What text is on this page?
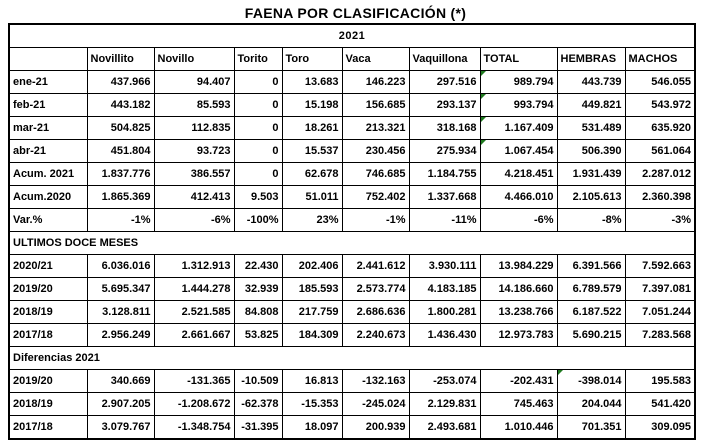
FAENA POR CLASIFICACIÓN (*)
2021									
	Novillito	Novillo	Torito	Toro	Vaca	Vaquillona	TOTAL	HEMBRAS	MACHOS
ene-21	437.966	94.407	0	13.683	146.223	297.516	989.794	443.739	546.055
feb-21	443.182	85.593	0	15.198	156.685	293.137	993.794	449.821	543.972
mar-21	504.825	112.835	0	18.261	213.321	318.168	1.167.409	531.489	635.920
abr-21	451.804	93.723	0	15.537	230.456	275.934	1.067.454	506.390	561.064
Acum. 2021	1.837.776	386.557	0	62.678	746.685	1.184.755	4.218.451	1.931.439	2.287.012
Acum.2020	1.865.369	412.413	9.503	51.011	752.402	1.337.668	4.466.010	2.105.613	2.360.398
Var.%	-1%	-6%	-100%	23%	-1%	-11%	-6%	-8%	-3%
ULTIMOS DOCE MESES									
2020/21	6.036.016	1.312.913	22.430	202.406	2.441.612	3.930.111	13.984.229	6.391.566	7.592.663
2019/20	5.695.347	1.444.278	32.939	185.593	2.573.774	4.183.185	14.186.660	6.789.579	7.397.081
2018/19	3.128.811	2.521.585	84.808	217.759	2.686.636	1.800.281	13.238.766	6.187.522	7.051.244
2017/18	2.956.249	2.661.667	53.825	184.309	2.240.673	1.436.430	12.973.783	5.690.215	7.283.568
Diferencias 2021									
2019/20	340.669	-131.365	-10.509	16.813	-132.163	-253.074	-202.431	-398.014	195.583
2018/19	2.907.205	-1.208.672	-62.378	-15.353	-245.024	2.129.831	745.463	204.044	541.420
2017/18	3.079.767	-1.348.754	-31.395	18.097	200.939	2.493.681	1.010.446	701.351	309.095
